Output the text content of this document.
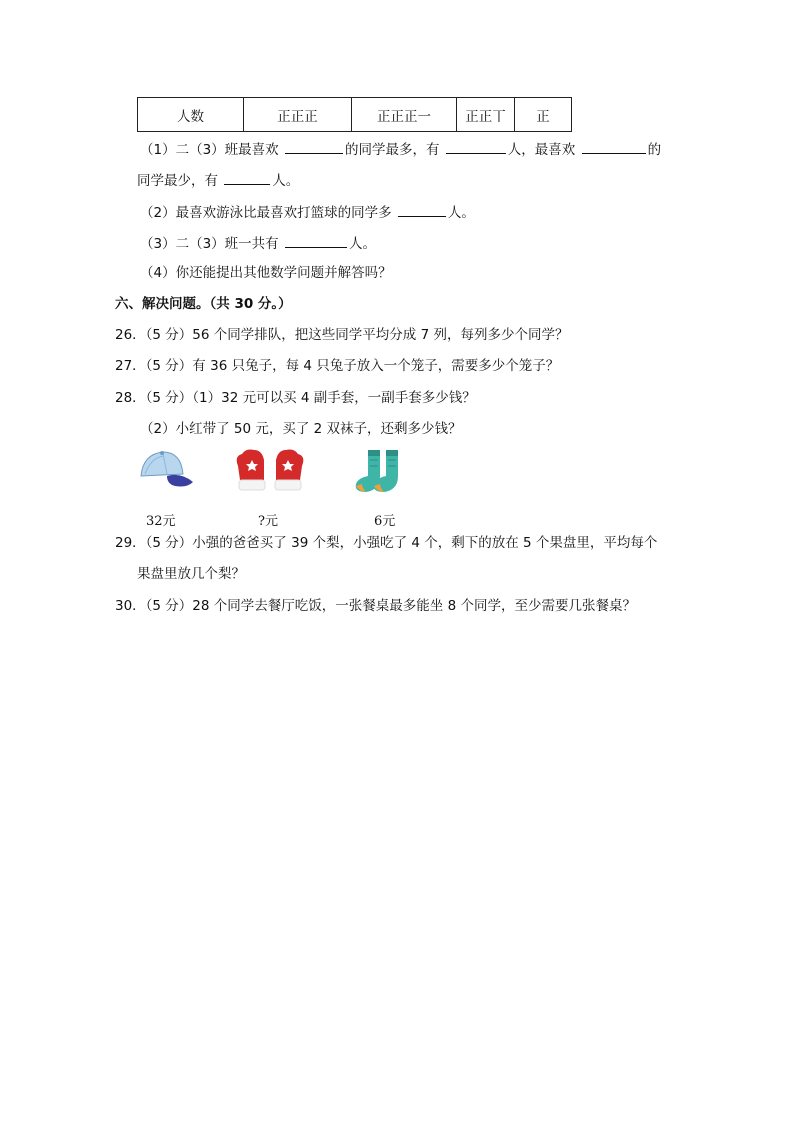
人数	正正正	正正正一	正正丅	正
（1）二（3）班最喜欢	的同学最多，有	人，最喜欢	的
同学最少，有	人。
（2）最喜欢游泳比最喜欢打篮球的同学多	人。
（3）二（3）班一共有	人。
（4）你还能提出其他数学问题并解答吗？
六、解决问题。（共 30 分。）
26．（5 分）56 个同学排队，把这些同学平均分成 7 列，每列多少个同学？
27．（5 分）有 36 只兔子，每 4 只兔子放入一个笼子，需要多少个笼子？
28．（5 分）（1）32 元可以买 4 副手套，一副手套多少钱？
（2）小红带了 50 元，买了 2 双袜子，还剩多少钱？
32元	?元	6元
29．（5 分）小强的爸爸买了 39 个梨，小强吃了 4 个，剩下的放在 5 个果盘里，平均每个
果盘里放几个梨？
30．（5 分）28 个同学去餐厅吃饭，一张餐桌最多能坐 8 个同学，至少需要几张餐桌？
